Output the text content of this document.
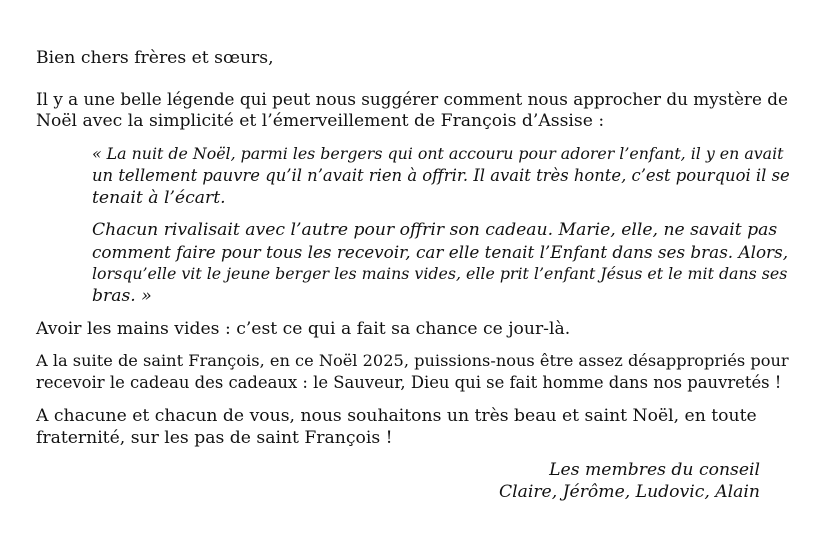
Bien chers frères et sœurs,
Il y a une belle légende qui peut nous suggérer comment nous approcher du mystère de
Noël avec la simplicité et l’émerveillement de François d’Assise :
« La nuit de Noël, parmi les bergers qui ont accouru pour adorer l’enfant, il y en avait
un tellement pauvre qu’il n’avait rien à offrir. Il avait très honte, c’est pourquoi il se
tenait à l’écart.
Chacun rivalisait avec l’autre pour offrir son cadeau. Marie, elle, ne savait pas
comment faire pour tous les recevoir, car elle tenait l’Enfant dans ses bras. Alors,
lorsqu’elle vit le jeune berger les mains vides, elle prit l’enfant Jésus et le mit dans ses
bras. »
Avoir les mains vides : c’est ce qui a fait sa chance ce jour-là.
A la suite de saint François, en ce Noël 2025, puissions-nous être assez désappropriés pour
recevoir le cadeau des cadeaux : le Sauveur, Dieu qui se fait homme dans nos pauvretés !
A chacune et chacun de vous, nous souhaitons un très beau et saint Noël, en toute
fraternité, sur les pas de saint François !
Les membres du conseil
Claire, Jérôme, Ludovic, Alain
